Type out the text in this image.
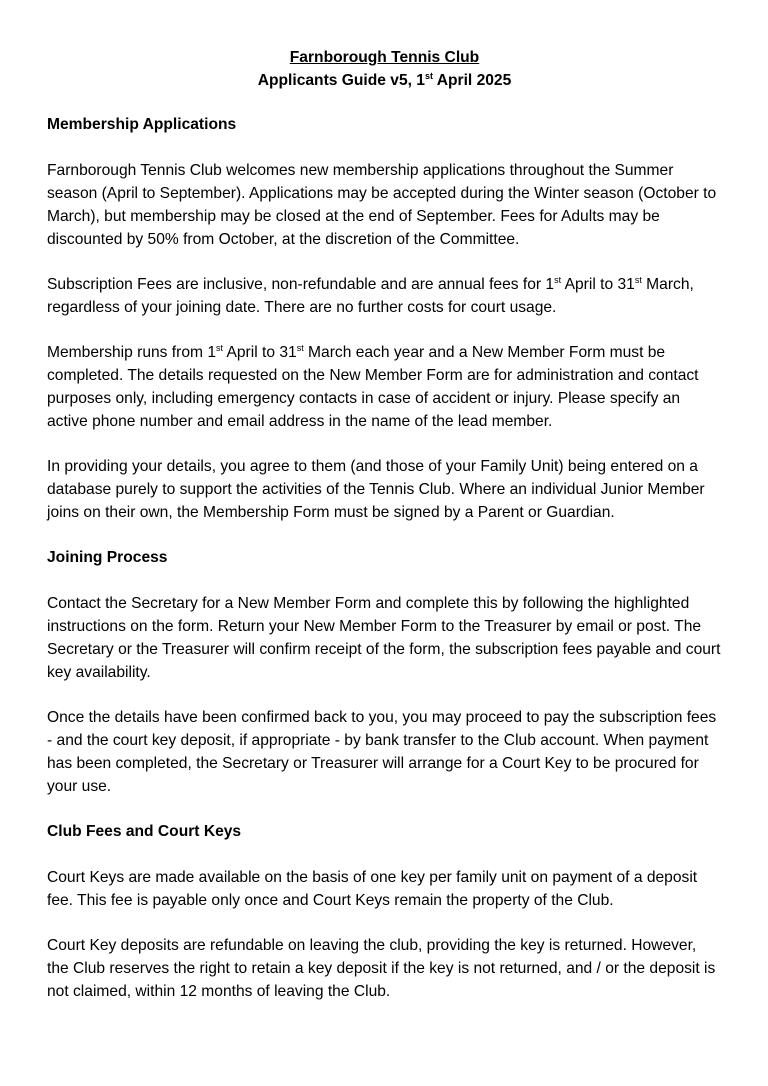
Farnborough Tennis Club
Applicants Guide v5, 1st April 2025
Membership Applications

Farnborough Tennis Club welcomes new membership applications throughout the Summer season (April to September). Applications may be accepted during the Winter season (October to March), but membership may be closed at the end of September. Fees for Adults may be discounted by 50% from October, at the discretion of the Committee.

Subscription Fees are inclusive, non-refundable and are annual fees for 1st April to 31st March, regardless of your joining date. There are no further costs for court usage.

Membership runs from 1st April to 31st March each year and a New Member Form must be completed. The details requested on the New Member Form are for administration and contact purposes only, including emergency contacts in case of accident or injury. Please specify an active phone number and email address in the name of the lead member.

In providing your details, you agree to them (and those of your Family Unit) being entered on a database purely to support the activities of the Tennis Club. Where an individual Junior Member joins on their own, the Membership Form must be signed by a Parent or Guardian.

Joining Process

Contact the Secretary for a New Member Form and complete this by following the highlighted instructions on the form. Return your New Member Form to the Treasurer by email or post. The Secretary or the Treasurer will confirm receipt of the form, the subscription fees payable and court key availability.

Once the details have been confirmed back to you, you may proceed to pay the subscription fees - and the court key deposit, if appropriate - by bank transfer to the Club account. When payment has been completed, the Secretary or Treasurer will arrange for a Court Key to be procured for your use.

Club Fees and Court Keys

Court Keys are made available on the basis of one key per family unit on payment of a deposit fee. This fee is payable only once and Court Keys remain the property of the Club.

Court Key deposits are refundable on leaving the club, providing the key is returned. However, the Club reserves the right to retain a key deposit if the key is not returned, and / or the deposit is not claimed, within 12 months of leaving the Club.
